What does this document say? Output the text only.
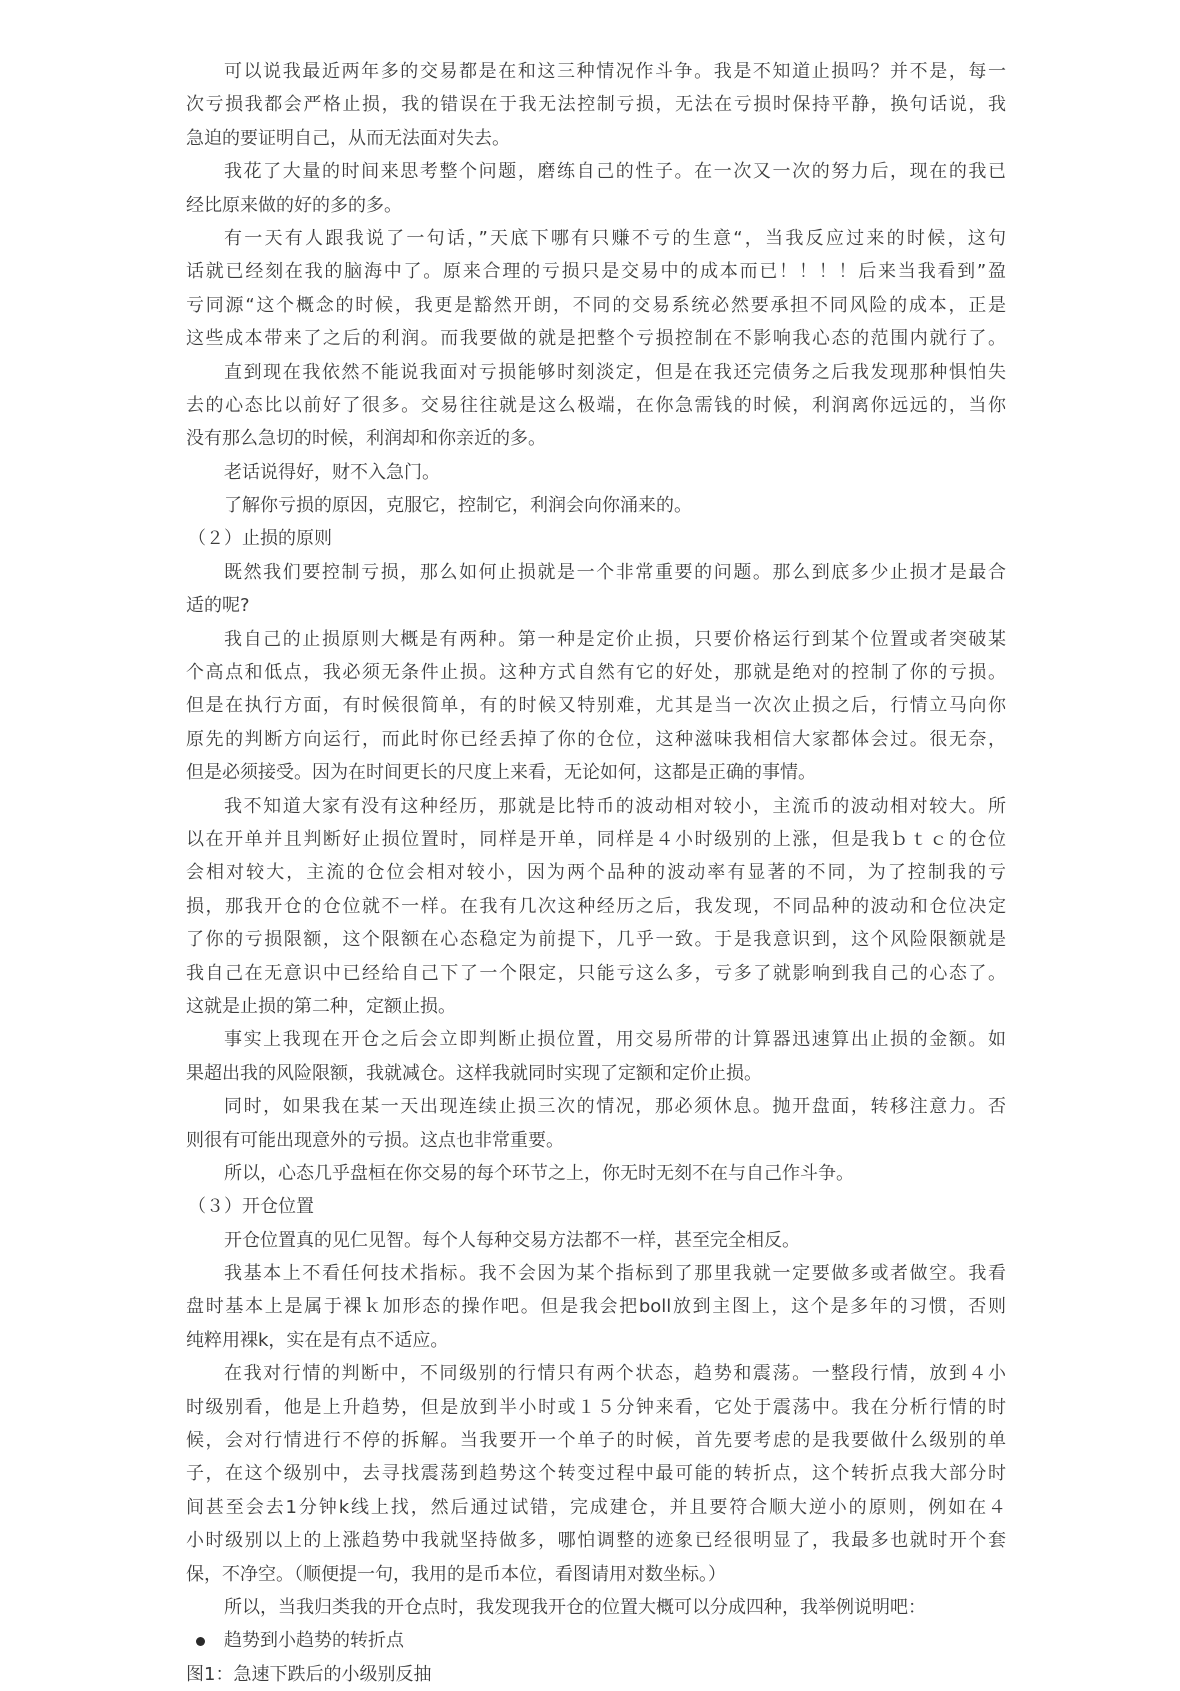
可以说我最近两年多的交易都是在和这三种情况作斗争。我是不知道止损吗？并不是，每一
次亏损我都会严格止损，我的错误在于我无法控制亏损，无法在亏损时保持平静，换句话说，我
急迫的要证明自己，从而无法面对失去。
我花了大量的时间来思考整个问题，磨练自己的性子。在一次又一次的努力后，现在的我已
经比原来做的好的多的多。
有一天有人跟我说了一句话，”天底下哪有只赚不亏的生意“，当我反应过来的时候，这句
话就已经刻在我的脑海中了。原来合理的亏损只是交易中的成本而已！！！！后来当我看到”盈
亏同源“这个概念的时候，我更是豁然开朗，不同的交易系统必然要承担不同风险的成本，正是
这些成本带来了之后的利润。而我要做的就是把整个亏损控制在不影响我心态的范围内就行了。
直到现在我依然不能说我面对亏损能够时刻淡定，但是在我还完债务之后我发现那种惧怕失
去的心态比以前好了很多。交易往往就是这么极端，在你急需钱的时候，利润离你远远的，当你
没有那么急切的时候，利润却和你亲近的多。
老话说得好，财不入急门。
了解你亏损的原因，克服它，控制它，利润会向你涌来的。
（２）止损的原则
既然我们要控制亏损，那么如何止损就是一个非常重要的问题。那么到底多少止损才是最合
适的呢?
我自己的止损原则大概是有两种。第一种是定价止损，只要价格运行到某个位置或者突破某
个高点和低点，我必须无条件止损。这种方式自然有它的好处，那就是绝对的控制了你的亏损。
但是在执行方面，有时候很简单，有的时候又特别难，尤其是当一次次止损之后，行情立马向你
原先的判断方向运行，而此时你已经丢掉了你的仓位，这种滋味我相信大家都体会过。很无奈，
但是必须接受。因为在时间更长的尺度上来看，无论如何，这都是正确的事情。
我不知道大家有没有这种经历，那就是比特币的波动相对较小，主流币的波动相对较大。所
以在开单并且判断好止损位置时，同样是开单，同样是４小时级别的上涨，但是我ｂｔｃ的仓位
会相对较大，主流的仓位会相对较小，因为两个品种的波动率有显著的不同，为了控制我的亏
损，那我开仓的仓位就不一样。在我有几次这种经历之后，我发现，不同品种的波动和仓位决定
了你的亏损限额，这个限额在心态稳定为前提下，几乎一致。于是我意识到，这个风险限额就是
我自己在无意识中已经给自己下了一个限定，只能亏这么多，亏多了就影响到我自己的心态了。
这就是止损的第二种，定额止损。
事实上我现在开仓之后会立即判断止损位置，用交易所带的计算器迅速算出止损的金额。如
果超出我的风险限额，我就减仓。这样我就同时实现了定额和定价止损。
同时，如果我在某一天出现连续止损三次的情况，那必须休息。抛开盘面，转移注意力。否
则很有可能出现意外的亏损。这点也非常重要。
所以，心态几乎盘桓在你交易的每个环节之上，你无时无刻不在与自己作斗争。
（３）开仓位置
开仓位置真的见仁见智。每个人每种交易方法都不一样，甚至完全相反。
我基本上不看任何技术指标。我不会因为某个指标到了那里我就一定要做多或者做空。我看
盘时基本上是属于裸ｋ加形态的操作吧。但是我会把boll放到主图上，这个是多年的习惯，否则
纯粹用裸k，实在是有点不适应。
在我对行情的判断中，不同级别的行情只有两个状态，趋势和震荡。一整段行情，放到４小
时级别看，他是上升趋势，但是放到半小时或１５分钟来看，它处于震荡中。我在分析行情的时
候，会对行情进行不停的拆解。当我要开一个单子的时候，首先要考虑的是我要做什么级别的单
子，在这个级别中，去寻找震荡到趋势这个转变过程中最可能的转折点，这个转折点我大部分时
间甚至会去1分钟k线上找，然后通过试错，完成建仓，并且要符合顺大逆小的原则，例如在４
小时级别以上的上涨趋势中我就坚持做多，哪怕调整的迹象已经很明显了，我最多也就时开个套
保，不净空。（顺便提一句，我用的是币本位，看图请用对数坐标。）
所以，当我归类我的开仓点时，我发现我开仓的位置大概可以分成四种，我举例说明吧：
趋势到小趋势的转折点
图1：急速下跌后的小级别反抽
